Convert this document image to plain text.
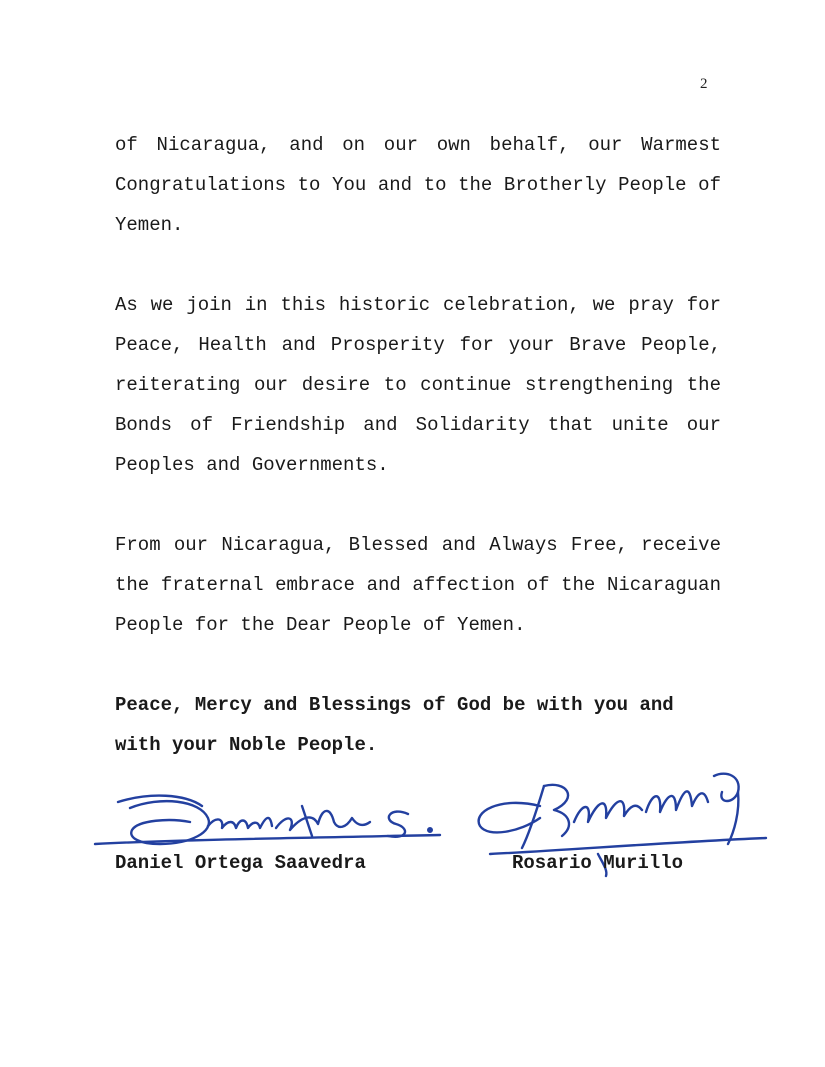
2

of Nicaragua, and on our own behalf, our Warmest Congratulations to You and to the Brotherly People of Yemen.

As we join in this historic celebration, we pray for Peace, Health and Prosperity for your Brave People, reiterating our desire to continue strengthening the Bonds of Friendship and Solidarity that unite our Peoples and Governments.

From our Nicaragua, Blessed and Always Free, receive the fraternal embrace and affection of the Nicaraguan People for the Dear People of Yemen.

Peace, Mercy and Blessings of God be with you and with your Noble People.

Daniel Ortega Saavedra	Rosario Murillo
